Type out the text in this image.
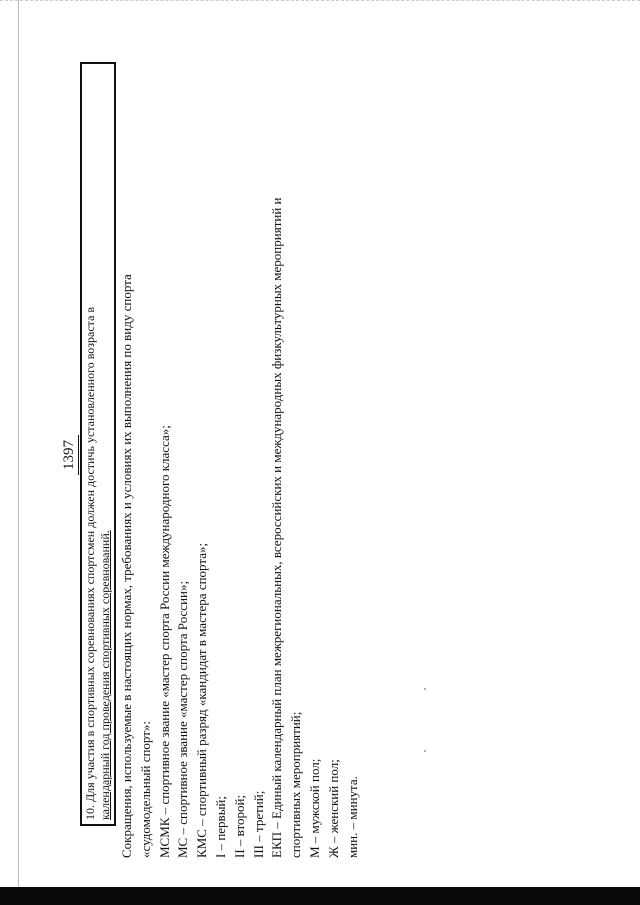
1397 10. Для участия в спортивных соревнованиях спортсмен должен достичь установленного возраста в календарный год проведения спортивных соревнований. Сокращения, используемые в настоящих нормах, требованиях и условиях их выполнения по виду спорта «судомодельный спорт»: МСМК – спортивное звание «мастер спорта России международного класса»; МС – спортивное звание «мастер спорта России»; КМС – спортивный разряд «кандидат в мастера спорта»; I – первый; II – второй; III – третий; ЕКП – Единый календарный план межрегиональных, всероссийских и международных физкультурных мероприятий и спортивных мероприятий; М – мужской пол; Ж – женский пол; мин. – минута.
